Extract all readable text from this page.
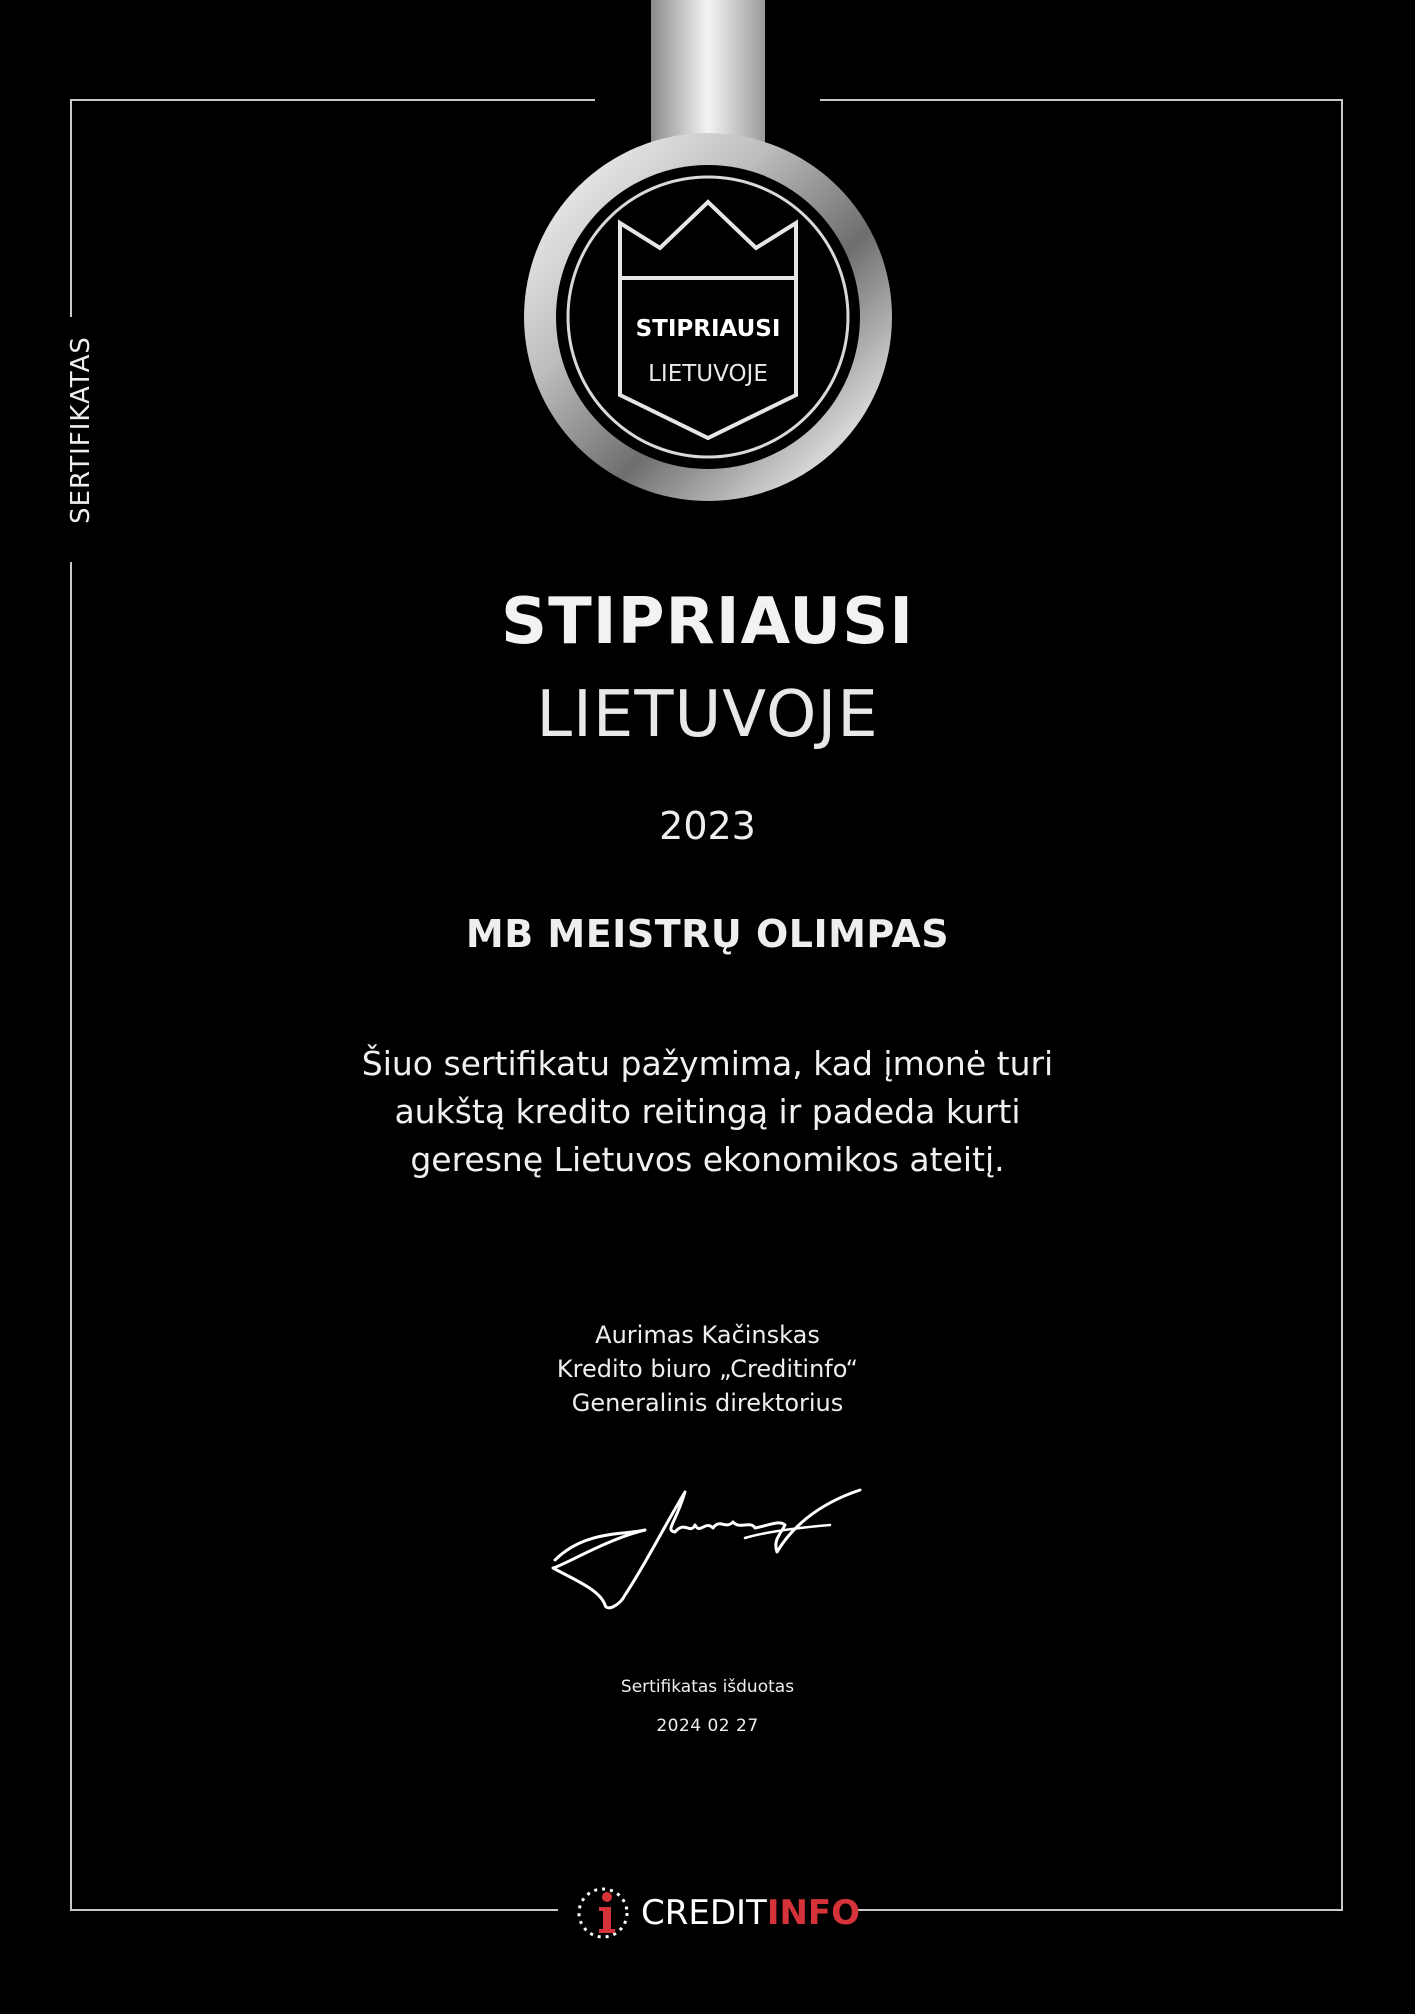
SERTIFIKATAS
STIPRIAUSI
LIETUVOJE
STIPRIAUSI
LIETUVOJE
2023
MB MEISTRŲ OLIMPAS
Šiuo sertifikatu pažymima, kad įmonė turi
aukštą kredito reitingą ir padeda kurti
geresnę Lietuvos ekonomikos ateitį.
Aurimas Kačinskas
Kredito biuro „Creditinfo“
Generalinis direktorius
Sertifikatas išduotas
2024 02 27
CREDITINFO
